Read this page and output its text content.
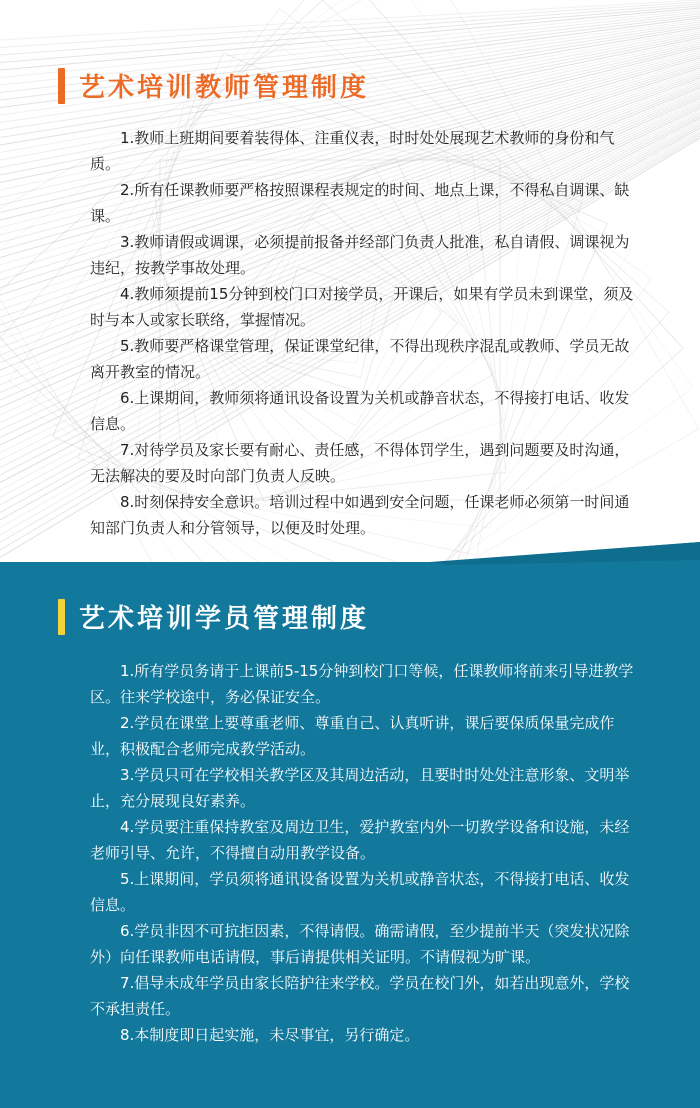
艺术培训教师管理制度
1.教师上班期间要着装得体、注重仪表，时时处处展现艺术教师的身份和气质。
2.所有任课教师要严格按照课程表规定的时间、地点上课，不得私自调课、缺课。
3.教师请假或调课，必须提前报备并经部门负责人批准，私自请假、调课视为违纪，按教学事故处理。
4.教师须提前15分钟到校门口对接学员，开课后，如果有学员未到课堂，须及时与本人或家长联络，掌握情况。
5.教师要严格课堂管理，保证课堂纪律，不得出现秩序混乱或教师、学员无故离开教室的情况。
6.上课期间，教师须将通讯设备设置为关机或静音状态，不得接打电话、收发信息。
7.对待学员及家长要有耐心、责任感，不得体罚学生，遇到问题要及时沟通，无法解决的要及时向部门负责人反映。
8.时刻保持安全意识。培训过程中如遇到安全问题，任课老师必须第一时间通知部门负责人和分管领导，以便及时处理。
艺术培训学员管理制度
1.所有学员务请于上课前5-15分钟到校门口等候，任课教师将前来引导进教学区。往来学校途中，务必保证安全。
2.学员在课堂上要尊重老师、尊重自己、认真听讲，课后要保质保量完成作业，积极配合老师完成教学活动。
3.学员只可在学校相关教学区及其周边活动，且要时时处处注意形象、文明举止，充分展现良好素养。
4.学员要注重保持教室及周边卫生，爱护教室内外一切教学设备和设施，未经老师引导、允许，不得擅自动用教学设备。
5.上课期间，学员须将通讯设备设置为关机或静音状态，不得接打电话、收发信息。
6.学员非因不可抗拒因素，不得请假。确需请假，至少提前半天（突发状况除外）向任课教师电话请假，事后请提供相关证明。不请假视为旷课。
7.倡导未成年学员由家长陪护往来学校。学员在校门外，如若出现意外，学校不承担责任。
8.本制度即日起实施，未尽事宜，另行确定。
